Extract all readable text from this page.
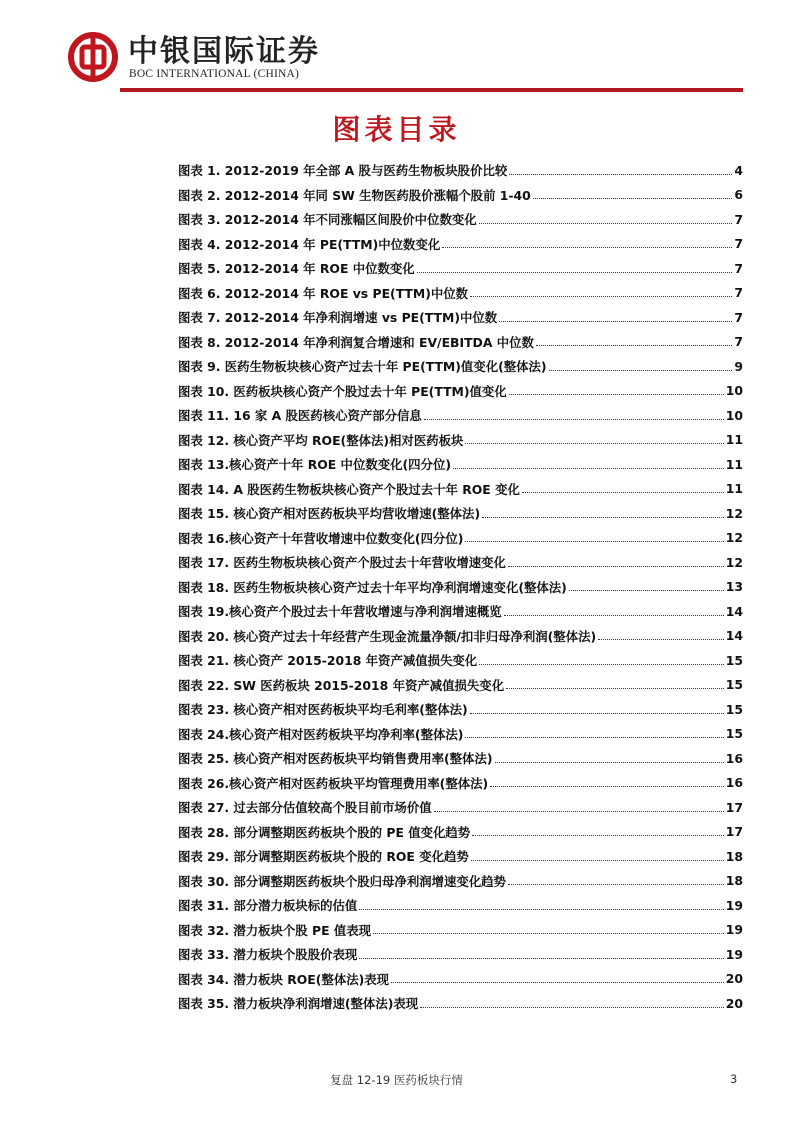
中银国际证券
BOC INTERNATIONAL (CHINA)
图表目录
图表 1. 2012-2019 年全部 A 股与医药生物板块股价比较	4
图表 2. 2012-2014 年同 SW 生物医药股价涨幅个股前 1-40	6
图表 3. 2012-2014 年不同涨幅区间股价中位数变化	7
图表 4. 2012-2014 年 PE(TTM)中位数变化	7
图表 5. 2012-2014 年 ROE 中位数变化	7
图表 6. 2012-2014 年 ROE vs PE(TTM)中位数	7
图表 7. 2012-2014 年净利润增速 vs PE(TTM)中位数	7
图表 8. 2012-2014 年净利润复合增速和 EV/EBITDA 中位数	7
图表 9. 医药生物板块核心资产过去十年 PE(TTM)值变化(整体法)	9
图表 10. 医药板块核心资产个股过去十年 PE(TTM)值变化	10
图表 11. 16 家 A 股医药核心资产部分信息	10
图表 12. 核心资产平均 ROE(整体法)相对医药板块	11
图表 13.核心资产十年 ROE 中位数变化(四分位)	11
图表 14. A 股医药生物板块核心资产个股过去十年 ROE 变化	11
图表 15. 核心资产相对医药板块平均营收增速(整体法)	12
图表 16.核心资产十年营收增速中位数变化(四分位)	12
图表 17. 医药生物板块核心资产个股过去十年营收增速变化	12
图表 18. 医药生物板块核心资产过去十年平均净利润增速变化(整体法)	13
图表 19.核心资产个股过去十年营收增速与净利润增速概览	14
图表 20. 核心资产过去十年经营产生现金流量净额/扣非归母净利润(整体法)	14
图表 21. 核心资产 2015-2018 年资产减值损失变化	15
图表 22. SW 医药板块 2015-2018 年资产减值损失变化	15
图表 23. 核心资产相对医药板块平均毛利率(整体法)	15
图表 24.核心资产相对医药板块平均净利率(整体法)	15
图表 25. 核心资产相对医药板块平均销售费用率(整体法)	16
图表 26.核心资产相对医药板块平均管理费用率(整体法)	16
图表 27. 过去部分估值较高个股目前市场价值	17
图表 28. 部分调整期医药板块个股的 PE 值变化趋势	17
图表 29. 部分调整期医药板块个股的 ROE 变化趋势	18
图表 30. 部分调整期医药板块个股归母净利润增速变化趋势	18
图表 31. 部分潜力板块标的估值	19
图表 32. 潜力板块个股 PE 值表现	19
图表 33. 潜力板块个股股价表现	19
图表 34. 潜力板块 ROE(整体法)表现	20
图表 35. 潜力板块净利润增速(整体法)表现	20
复盘 12-19 医药板块行情	3
